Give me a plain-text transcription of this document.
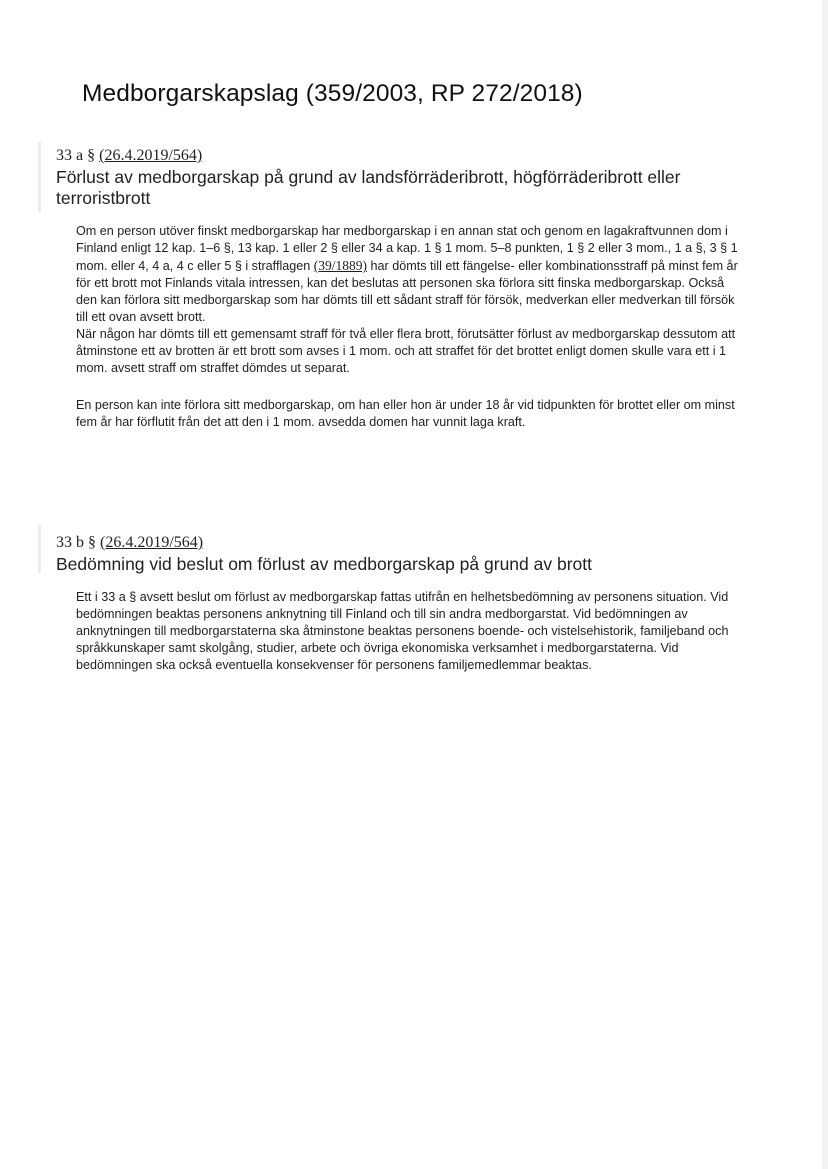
Medborgarskapslag (359/2003, RP 272/2018)
33 a § (26.4.2019/564)
Förlust av medborgarskap på grund av landsförräderibrott, högförräderibrott eller terroristbrott

Om en person utöver finskt medborgarskap har medborgarskap i en annan stat och genom en lagakraftvunnen dom i Finland enligt 12 kap. 1–6 §, 13 kap. 1 eller 2 § eller 34 a kap. 1 § 1 mom. 5–8 punkten, 1 § 2 eller 3 mom., 1 a §, 3 § 1 mom. eller 4, 4 a, 4 c eller 5 § i strafflagen (39/1889) har dömts till ett fängelse- eller kombinationsstraff på minst fem år för ett brott mot Finlands vitala intressen, kan det beslutas att personen ska förlora sitt finska medborgarskap. Också den kan förlora sitt medborgarskap som har dömts till ett sådant straff för försök, medverkan eller medverkan till försök till ett ovan avsett brott.

När någon har dömts till ett gemensamt straff för två eller flera brott, förutsätter förlust av medborgarskap dessutom att åtminstone ett av brotten är ett brott som avses i 1 mom. och att straffet för det brottet enligt domen skulle vara ett i 1 mom. avsett straff om straffet dömdes ut separat.

En person kan inte förlora sitt medborgarskap, om han eller hon är under 18 år vid tidpunkten för brottet eller om minst fem år har förflutit från det att den i 1 mom. avsedda domen har vunnit laga kraft.

33 b § (26.4.2019/564)
Bedömning vid beslut om förlust av medborgarskap på grund av brott

Ett i 33 a § avsett beslut om förlust av medborgarskap fattas utifrån en helhetsbedömning av personens situation. Vid bedömningen beaktas personens anknytning till Finland och till sin andra medborgarstat. Vid bedömningen av anknytningen till medborgarstaterna ska åtminstone beaktas personens boende- och vistelsehistorik, familjeband och språkkunskaper samt skolgång, studier, arbete och övriga ekonomiska verksamhet i medborgarstaterna. Vid bedömningen ska också eventuella konsekvenser för personens familjemedlemmar beaktas.
